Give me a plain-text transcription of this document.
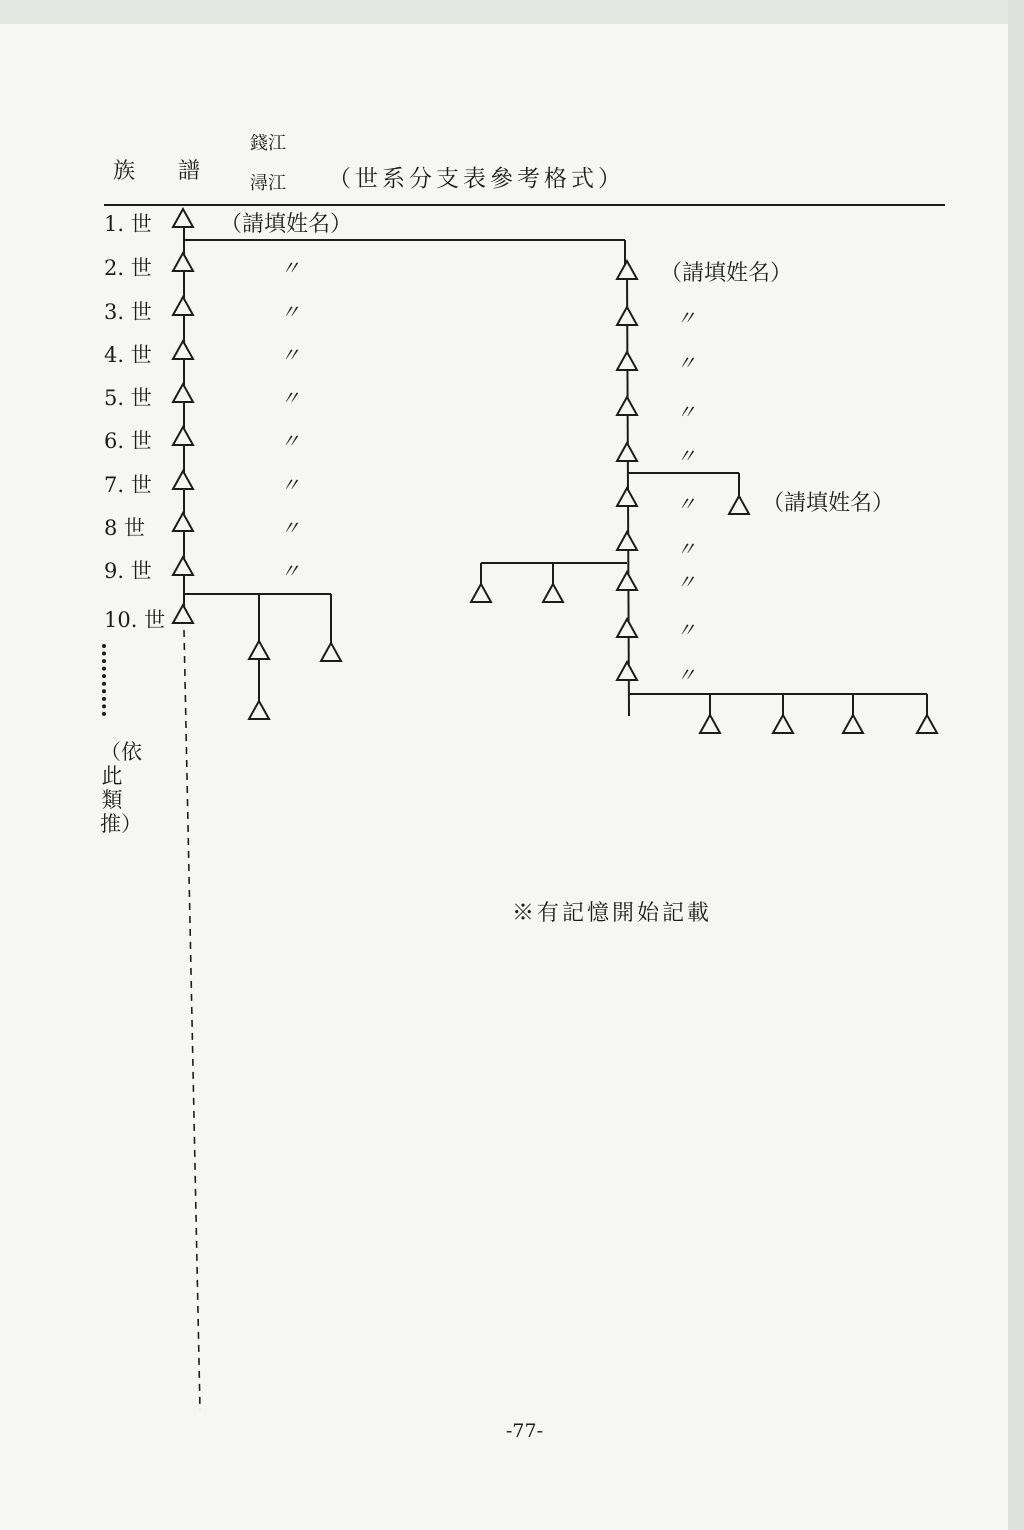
族 譜
錢江
潯江 （世系分支表參考格式）
1. 世
2. 世
3. 世
4. 世
5. 世
6. 世
7. 世
8 世
9. 世
10. 世
（依此類推）
（請填姓名）
（請填姓名）
（請填姓名）
〃
〃
〃
〃
〃
〃
〃
〃
〃
〃
〃
〃
〃
〃
〃
〃
〃
※有記憶開始記載
-77-
